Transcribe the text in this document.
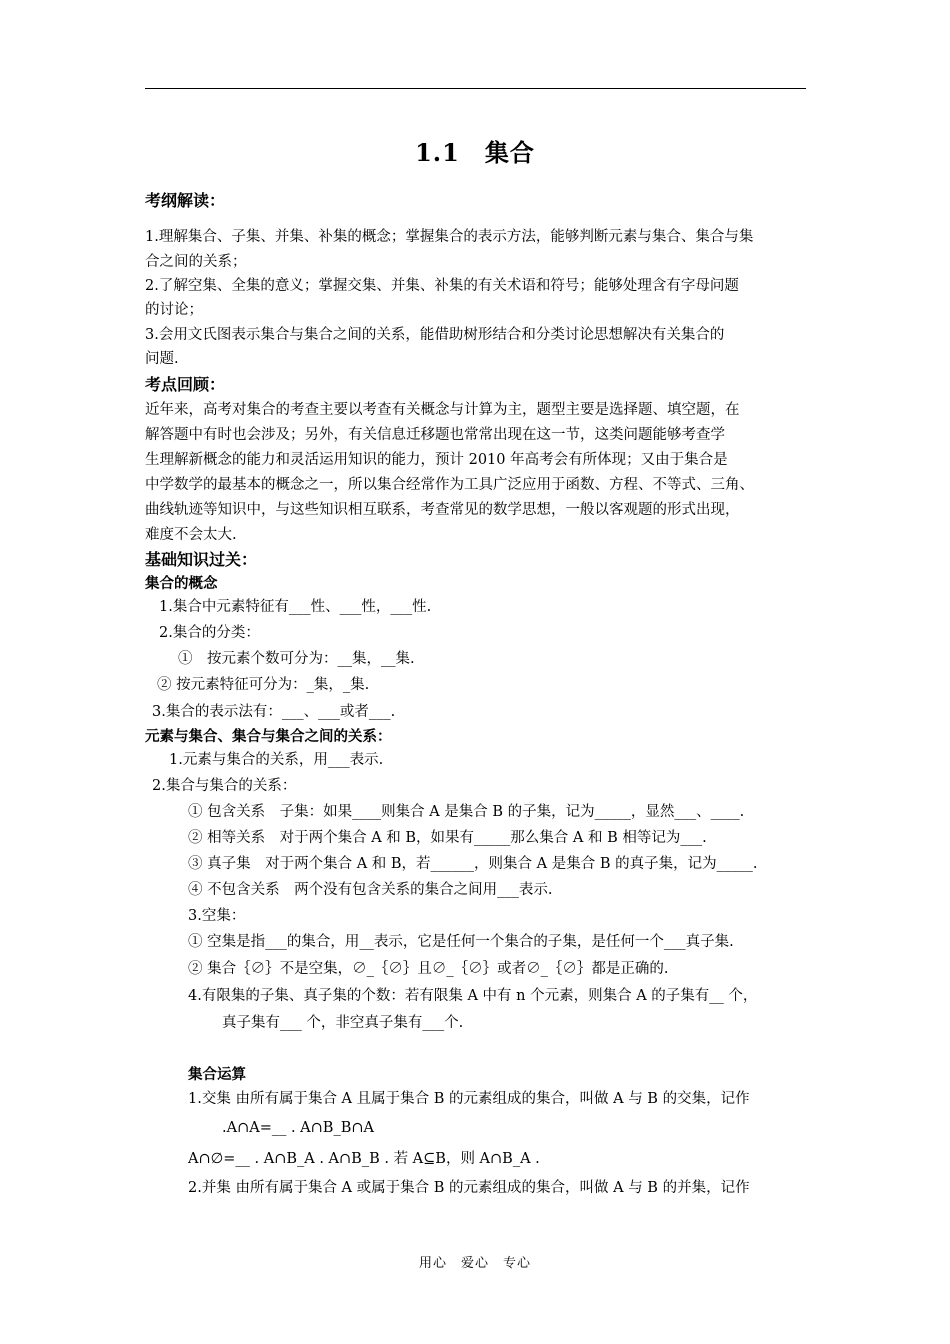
1.1　集合
考纲解读：
1.理解集合、子集、并集、补集的概念；掌握集合的表示方法，能够判断元素与集合、集合与集
合之间的关系；
2.了解空集、全集的意义；掌握交集、并集、补集的有关术语和符号；能够处理含有字母问题
的讨论；
3.会用文氏图表示集合与集合之间的关系，能借助树形结合和分类讨论思想解决有关集合的
问题.
考点回顾：
近年来，高考对集合的考查主要以考查有关概念与计算为主，题型主要是选择题、填空题，在
解答题中有时也会涉及；另外，有关信息迁移题也常常出现在这一节，这类问题能够考查学
生理解新概念的能力和灵活运用知识的能力，预计 2010 年高考会有所体现；又由于集合是
中学数学的最基本的概念之一，所以集合经常作为工具广泛应用于函数、方程、不等式、三角、
曲线轨迹等知识中，与这些知识相互联系，考查常见的数学思想，一般以客观题的形式出现，
难度不会太大.
基础知识过关：
集合的概念
1.集合中元素特征有___性、___性，___性.
2.集合的分类：
①　按元素个数可分为：__集，__集.
② 按元素特征可分为：_集，_集.
3.集合的表示法有：___、___或者___.
元素与集合、集合与集合之间的关系：
1.元素与集合的关系，用___表示.
2.集合与集合的关系：
① 包含关系　子集：如果____则集合 A 是集合 B 的子集，记为_____，显然___、____.
② 相等关系　对于两个集合 A 和 B，如果有_____那么集合 A 和 B 相等记为___.
③ 真子集　对于两个集合 A 和 B，若______，则集合 A 是集合 B 的真子集，记为_____.
④ 不包含关系　两个没有包含关系的集合之间用___表示.
3.空集：
① 空集是指___的集合，用__表示，它是任何一个集合的子集，是任何一个___真子集.
② 集合｛∅｝不是空集，∅_｛∅｝且∅_｛∅｝或者∅_｛∅｝都是正确的.
4.有限集的子集、真子集的个数：若有限集 A 中有 n 个元素，则集合 A 的子集有__ 个，
真子集有___ 个，非空真子集有___个.
集合运算
1.交集 由所有属于集合 A 且属于集合 B 的元素组成的集合，叫做 A 与 B 的交集，记作
.A∩A=__ . A∩B_B∩A
A∩∅=__ . A∩B_A . A∩B_B . 若 A⊆B，则 A∩B_A .
2.并集 由所有属于集合 A 或属于集合 B 的元素组成的集合，叫做 A 与 B 的并集，记作
用心　爱心　专心
